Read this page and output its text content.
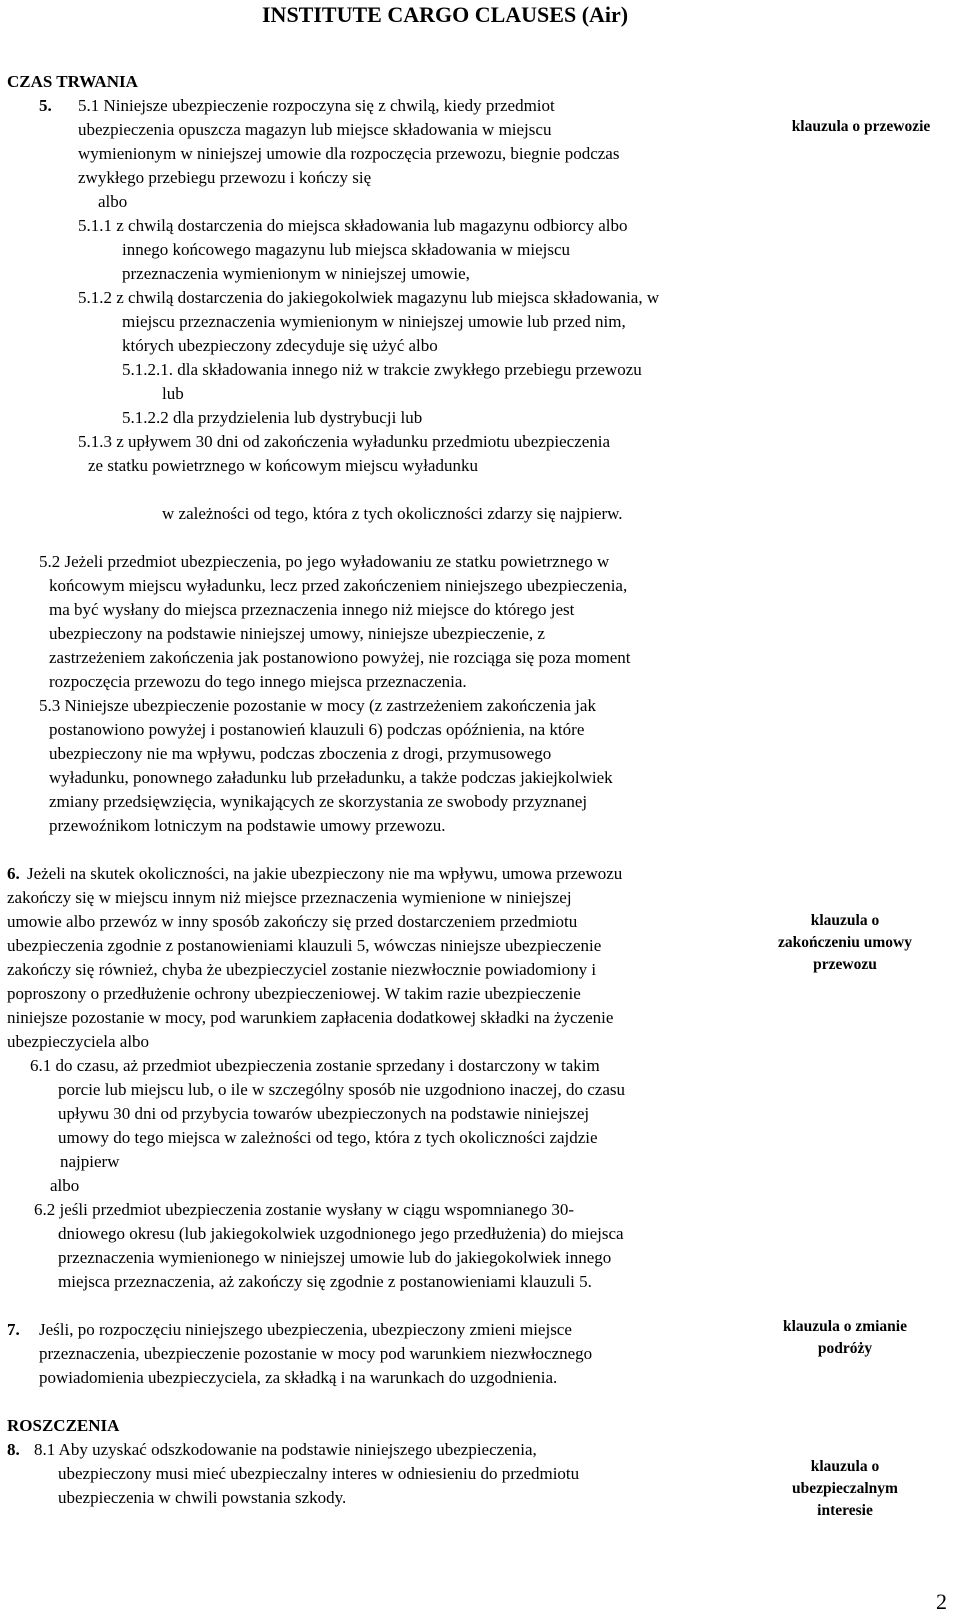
INSTITUTE CARGO CLAUSES (Air)
CZAS TRWANIA
5. 5.1 Niniejsze ubezpieczenie rozpoczyna się z chwilą, kiedy przedmiot
ubezpieczenia opuszcza magazyn lub miejsce składowania w miejscu
wymienionym w niniejszej umowie dla rozpoczęcia przewozu, biegnie podczas
zwykłego przebiegu przewozu i kończy się
albo
klauzula o przewozie
5.1.1 z chwilą dostarczenia do miejsca składowania lub magazynu odbiorcy albo
innego końcowego magazynu lub miejsca składowania w miejscu
przeznaczenia wymienionym w niniejszej umowie,
5.1.2 z chwilą dostarczenia do jakiegokolwiek magazynu lub miejsca składowania, w
miejscu przeznaczenia wymienionym w niniejszej umowie lub przed nim,
których ubezpieczony zdecyduje się użyć albo
5.1.2.1. dla składowania innego niż w trakcie zwykłego przebiegu przewozu
lub
5.1.2.2 dla przydzielenia lub dystrybucji lub
5.1.3 z upływem 30 dni od zakończenia wyładunku przedmiotu ubezpieczenia
ze statku powietrznego w końcowym miejscu wyładunku
w zależności od tego, która z tych okoliczności zdarzy się najpierw.
5.2 Jeżeli przedmiot ubezpieczenia, po jego wyładowaniu ze statku powietrznego w
końcowym miejscu wyładunku, lecz przed zakończeniem niniejszego ubezpieczenia,
ma być wysłany do miejsca przeznaczenia innego niż miejsce do którego jest
ubezpieczony na podstawie niniejszej umowy, niniejsze ubezpieczenie, z
zastrzeżeniem zakończenia jak postanowiono powyżej, nie rozciąga się poza moment
rozpoczęcia przewozu do tego innego miejsca przeznaczenia.
5.3 Niniejsze ubezpieczenie pozostanie w mocy (z zastrzeżeniem zakończenia jak
postanowiono powyżej i postanowień klauzuli 6) podczas opóźnienia, na które
ubezpieczony nie ma wpływu, podczas zboczenia z drogi, przymusowego
wyładunku, ponownego załadunku lub przeładunku, a także podczas jakiejkolwiek
zmiany przedsięwzięcia, wynikających ze skorzystania ze swobody przyznanej
przewoźnikom lotniczym na podstawie umowy przewozu.
6. Jeżeli na skutek okoliczności, na jakie ubezpieczony nie ma wpływu, umowa przewozu
zakończy się w miejscu innym niż miejsce przeznaczenia wymienione w niniejszej
umowie albo przewóz w inny sposób zakończy się przed dostarczeniem przedmiotu
ubezpieczenia zgodnie z postanowieniami klauzuli 5, wówczas niniejsze ubezpieczenie
zakończy się również, chyba że ubezpieczyciel zostanie niezwłocznie powiadomiony i
poproszony o przedłużenie ochrony ubezpieczeniowej. W takim razie ubezpieczenie
niniejsze pozostanie w mocy, pod warunkiem zapłacenia dodatkowej składki na życzenie
ubezpieczyciela albo
klauzula o
zakończeniu umowy
przewozu
6.1 do czasu, aż przedmiot ubezpieczenia zostanie sprzedany i dostarczony w takim
porcie lub miejscu lub, o ile w szczególny sposób nie uzgodniono inaczej, do czasu
upływu 30 dni od przybycia towarów ubezpieczonych na podstawie niniejszej
umowy do tego miejsca w zależności od tego, która z tych okoliczności zajdzie
najpierw
albo
6.2 jeśli przedmiot ubezpieczenia zostanie wysłany w ciągu wspomnianego 30-
dniowego okresu (lub jakiegokolwiek uzgodnionego jego przedłużenia) do miejsca
przeznaczenia wymienionego w niniejszej umowie lub do jakiegokolwiek innego
miejsca przeznaczenia, aż zakończy się zgodnie z postanowieniami klauzuli 5.
7. Jeśli, po rozpoczęciu niniejszego ubezpieczenia, ubezpieczony zmieni miejsce
przeznaczenia, ubezpieczenie pozostanie w mocy pod warunkiem niezwłocznego
powiadomienia ubezpieczyciela, za składką i na warunkach do uzgodnienia.
klauzula o zmianie
podróży
ROSZCZENIA
8. 8.1 Aby uzyskać odszkodowanie na podstawie niniejszego ubezpieczenia,
ubezpieczony musi mieć ubezpieczalny interes w odniesieniu do przedmiotu
ubezpieczenia w chwili powstania szkody.
klauzula o
ubezpieczalnym
interesie
2
